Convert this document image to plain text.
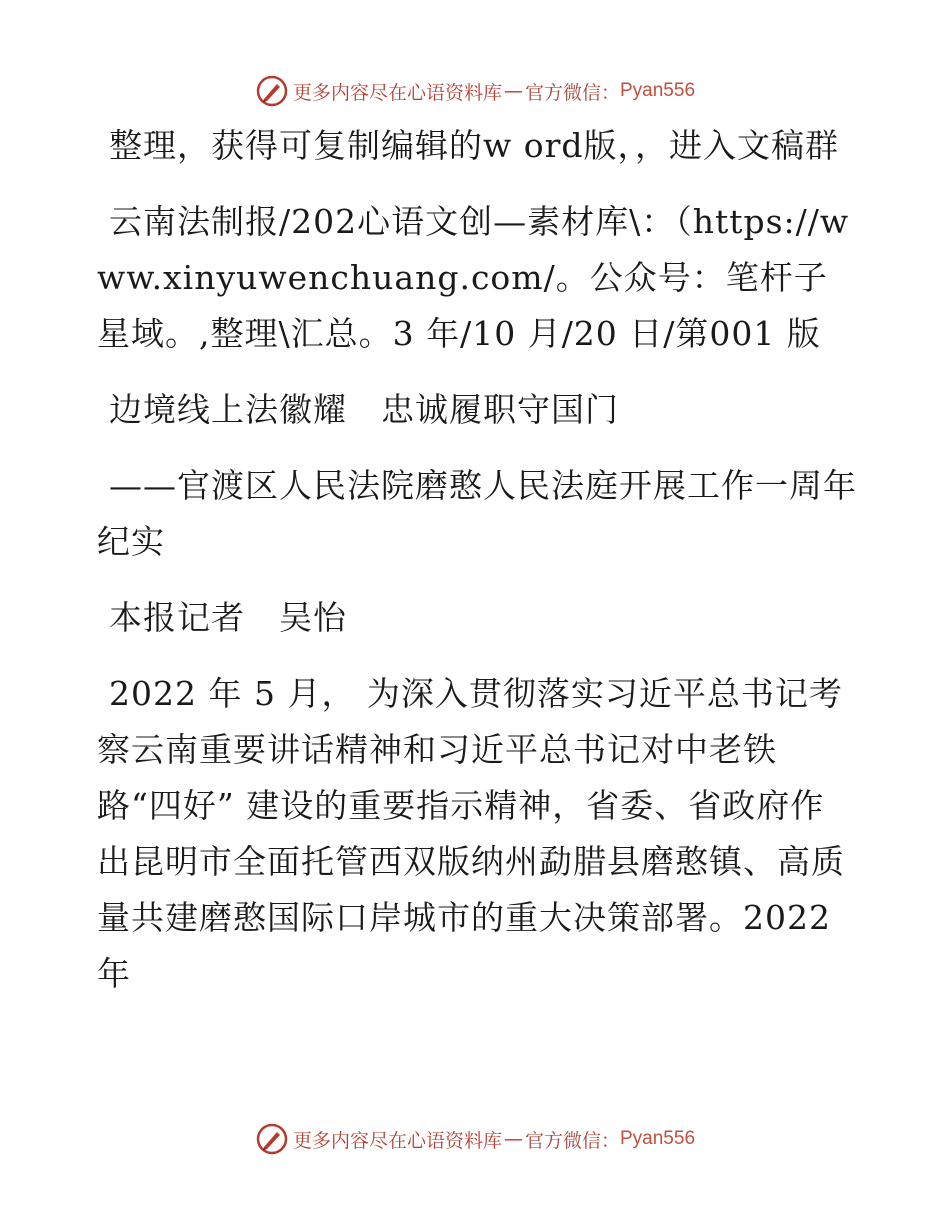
更多内容尽在心语资料库 — 官方微信： Pyan556

整理，获得可复制编辑的w ord版，，进入文稿群

云南法制报/202心语文创—素材库\：（https://www.xinyuwenchuang.com/。公众号：笔杆子星域。,整理\汇总。3 年/10 月/20 日/第001 版

边境线上法徽耀　忠诚履职守国门

——官渡区人民法院磨憨人民法庭开展工作一周年纪实

本报记者　吴怡

2022 年 5 月， 为深入贯彻落实习近平总书记考察云南重要讲话精神和习近平总书记对中老铁路“四好” 建设的重要指示精神，省委、省政府作出昆明市全面托管西双版纳州勐腊县磨憨镇、高质量共建磨憨国际口岸城市的重大决策部署。2022 年

更多内容尽在心语资料库 — 官方微信： Pyan556
